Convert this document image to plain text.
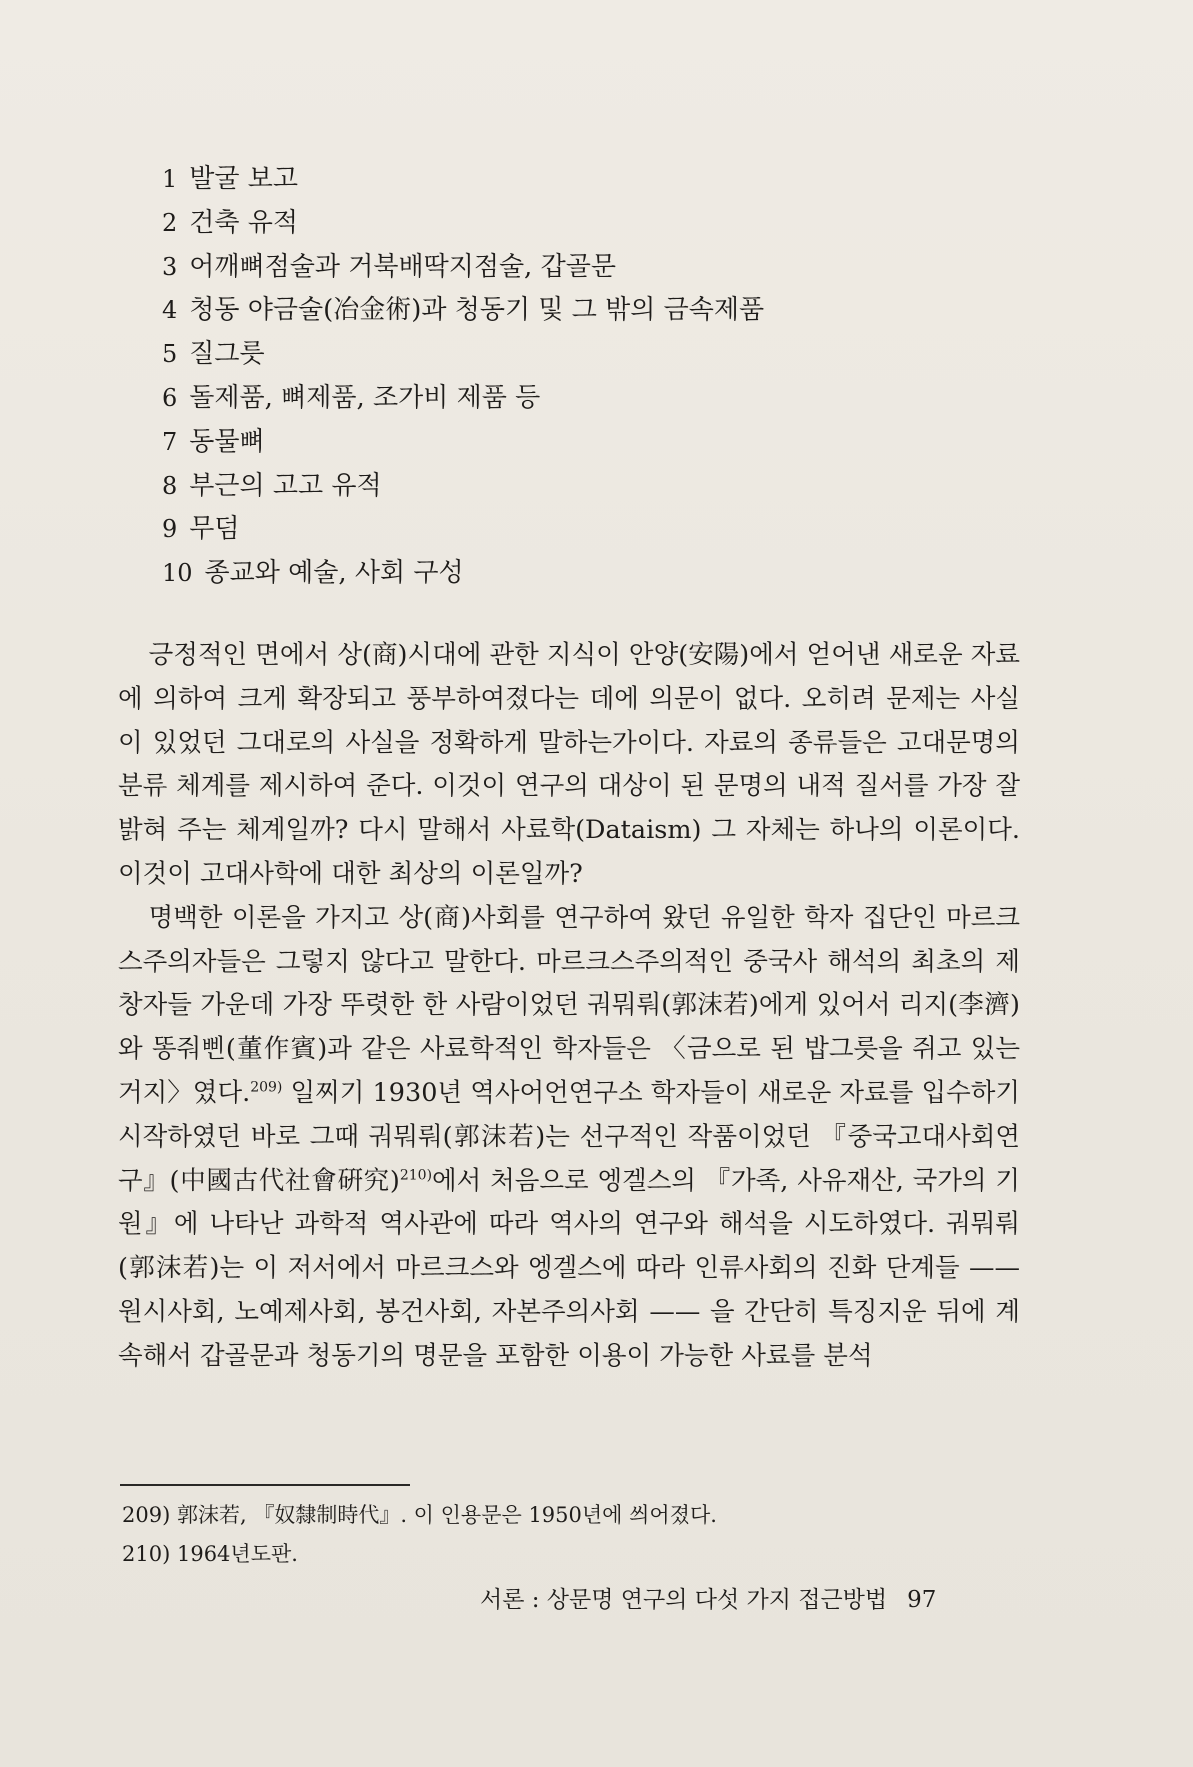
1 발굴 보고
2 건축 유적
3 어깨뼈점술과 거북배딱지점술, 갑골문
4 청동 야금술(冶金術)과 청동기 및 그 밖의 금속제품
5 질그릇
6 돌제품, 뼈제품, 조가비 제품 등
7 동물뼈
8 부근의 고고 유적
9 무덤
10 종교와 예술, 사회 구성

긍정적인 면에서 상(商)시대에 관한 지식이 안양(安陽)에서 얻어낸 새로운 자료에 의하여 크게 확장되고 풍부하여졌다는 데에 의문이 없다. 오히려 문제는 사실이 있었던 그대로의 사실을 정확하게 말하는가이다. 자료의 종류들은 고대문명의 분류 체계를 제시하여 준다. 이것이 연구의 대상이 된 문명의 내적 질서를 가장 잘 밝혀 주는 체계일까? 다시 말해서 사료학(Dataism) 그 자체는 하나의 이론이다. 이것이 고대사학에 대한 최상의 이론일까?

명백한 이론을 가지고 상(商)사회를 연구하여 왔던 유일한 학자 집단인 마르크스주의자들은 그렇지 않다고 말한다. 마르크스주의적인 중국사 해석의 최초의 제창자들 가운데 가장 뚜렷한 한 사람이었던 궈뭐뤄(郭沫若)에게 있어서 리지(李濟)와 똥줘삔(董作賓)과 같은 사료학적인 학자들은 〈금으로 된 밥그릇을 쥐고 있는 거지〉였다.$^{209)}$ 일찌기 1930년 역사어언연구소 학자들이 새로운 자료를 입수하기 시작하였던 바로 그때 궈뭐뤄(郭沫若)는 선구적인 작품이었던 『중국고대사회연구』(中國古代社會硏究)$^{210)}$에서 처음으로 엥겔스의 『가족, 사유재산, 국가의 기원』에 나타난 과학적 역사관에 따라 역사의 연구와 해석을 시도하였다. 궈뭐뤄(郭沫若)는 이 저서에서 마르크스와 엥겔스에 따라 인류사회의 진화 단계들 —— 원시사회, 노예제사회, 봉건사회, 자본주의사회 —— 을 간단히 특징지운 뒤에 계속해서 갑골문과 청동기의 명문을 포함한 이용이 가능한 사료를 분석

209) 郭沫若, 『奴隸制時代』. 이 인용문은 1950년에 씌어졌다.
210) 1964년도판.
서론 : 상문명 연구의 다섯 가지 접근방법 97
